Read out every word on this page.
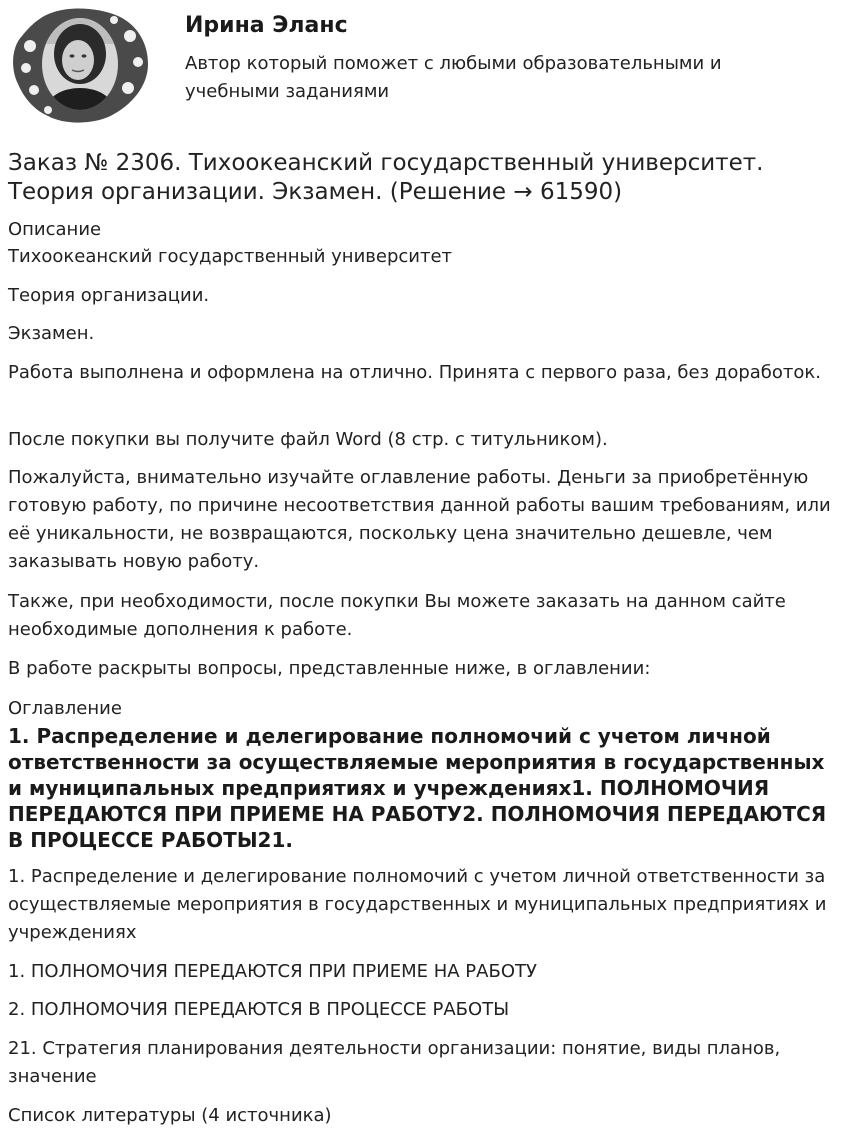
Ирина Эланс
Автор который поможет с любыми образовательными и учебными заданиями
Заказ № 2306. Тихоокеанский государственный университет. Теория организации. Экзамен. (Решение → 61590)
Описание

Тихоокеанский государственный университет

Теория организации.

Экзамен.

Работа выполнена и оформлена на отлично. Принята с первого раза, без доработок.

После покупки вы получите файл Word (8 стр. с титульником).

Пожалуйста, внимательно изучайте оглавление работы. Деньги за приобретённую готовую работу, по причине несоответствия данной работы вашим требованиям, или её уникальности, не возвращаются, поскольку цена значительно дешевле, чем заказывать новую работу.

Также, при необходимости, после покупки Вы можете заказать на данном сайте необходимые дополнения к работе.

В работе раскрыты вопросы, представленные ниже, в оглавлении:

Оглавление
1. Распределение и делегирование полномочий с учетом личной ответственности за осуществляемые мероприятия в государственных и муниципальных предприятиях и учреждениях1. ПОЛНОМОЧИЯ ПЕРЕДАЮТСЯ ПРИ ПРИЕМЕ НА РАБОТУ2. ПОЛНОМОЧИЯ ПЕРЕДАЮТСЯ В ПРОЦЕССЕ РАБОТЫ21.

1. Распределение и делегирование полномочий с учетом личной ответственности за осуществляемые мероприятия в государственных и муниципальных предприятиях и учреждениях

1. ПОЛНОМОЧИЯ ПЕРЕДАЮТСЯ ПРИ ПРИЕМЕ НА РАБОТУ

2. ПОЛНОМОЧИЯ ПЕРЕДАЮТСЯ В ПРОЦЕССЕ РАБОТЫ

21. Стратегия планирования деятельности организации: понятие, виды планов, значение

Список литературы (4 источника)
